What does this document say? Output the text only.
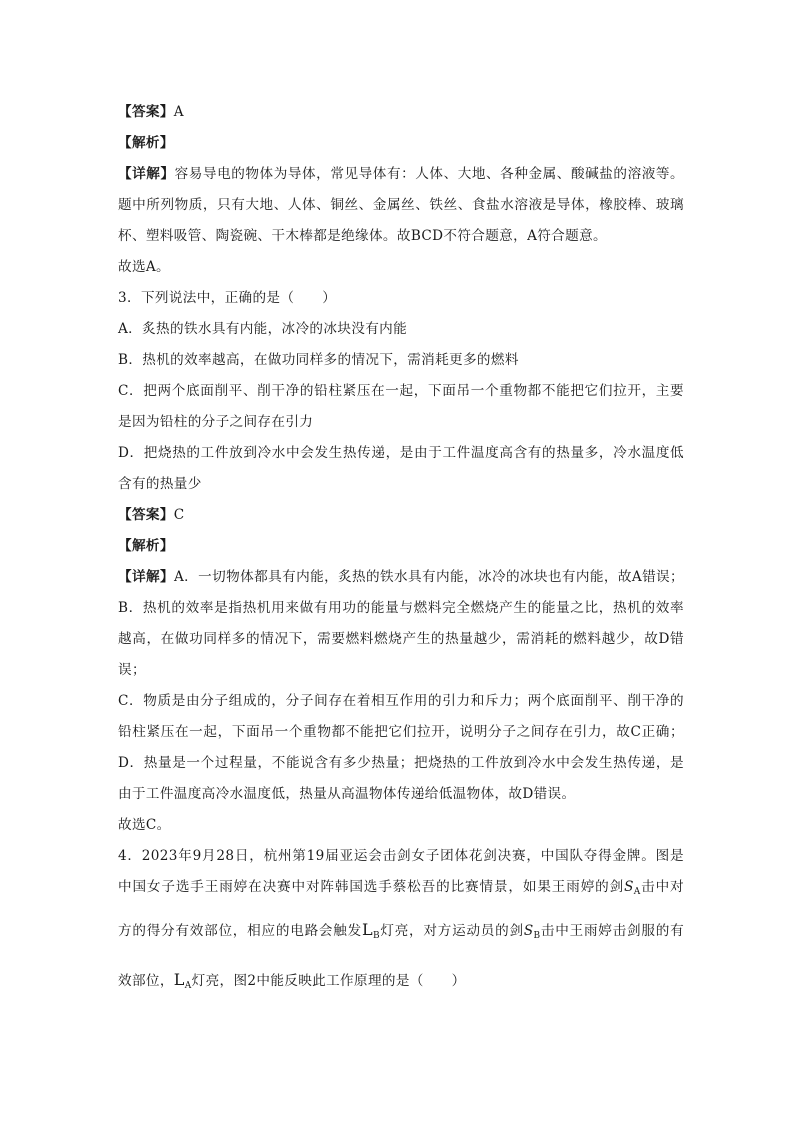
【答案】A
【解析】
【详解】容易导电的物体为导体，常见导体有：人体、大地、各种金属、酸碱盐的溶液等。
题中所列物质，只有大地、人体、铜丝、金属丝、铁丝、食盐水溶液是导体，橡胶棒、玻璃
杯、塑料吸管、陶瓷碗、干木棒都是绝缘体。故BCD不符合题意，A符合题意。
故选A。
3．下列说法中，正确的是（　　）
A．炙热的铁水具有内能，冰冷的冰块没有内能
B．热机的效率越高，在做功同样多的情况下，需消耗更多的燃料
C．把两个底面削平、削干净的铅柱紧压在一起，下面吊一个重物都不能把它们拉开，主要
是因为铅柱的分子之间存在引力
D．把烧热的工件放到冷水中会发生热传递，是由于工件温度高含有的热量多，冷水温度低
含有的热量少
【答案】C
【解析】
【详解】A．一切物体都具有内能，炙热的铁水具有内能，冰冷的冰块也有内能，故A错误；
B．热机的效率是指热机用来做有用功的能量与燃料完全燃烧产生的能量之比，热机的效率
越高，在做功同样多的情况下，需要燃料燃烧产生的热量越少，需消耗的燃料越少，故D错
误；
C．物质是由分子组成的，分子间存在着相互作用的引力和斥力；两个底面削平、削干净的
铅柱紧压在一起，下面吊一个重物都不能把它们拉开，说明分子之间存在引力，故C正确；
D．热量是一个过程量，不能说含有多少热量；把烧热的工件放到冷水中会发生热传递，是
由于工件温度高冷水温度低，热量从高温物体传递给低温物体，故D错误。
故选C。
4．2023年9月28日，杭州第19届亚运会击剑女子团体花剑决赛，中国队夺得金牌。图是
中国女子选手王雨婷在决赛中对阵韩国选手蔡松吾的比赛情景，如果王雨婷的剑$S_A$击中对
方的得分有效部位，相应的电路会触发$L_B$灯亮，对方运动员的剑$S_B$击中王雨婷击剑服的有
效部位，$L_A$灯亮，图2中能反映此工作原理的是（　　）
